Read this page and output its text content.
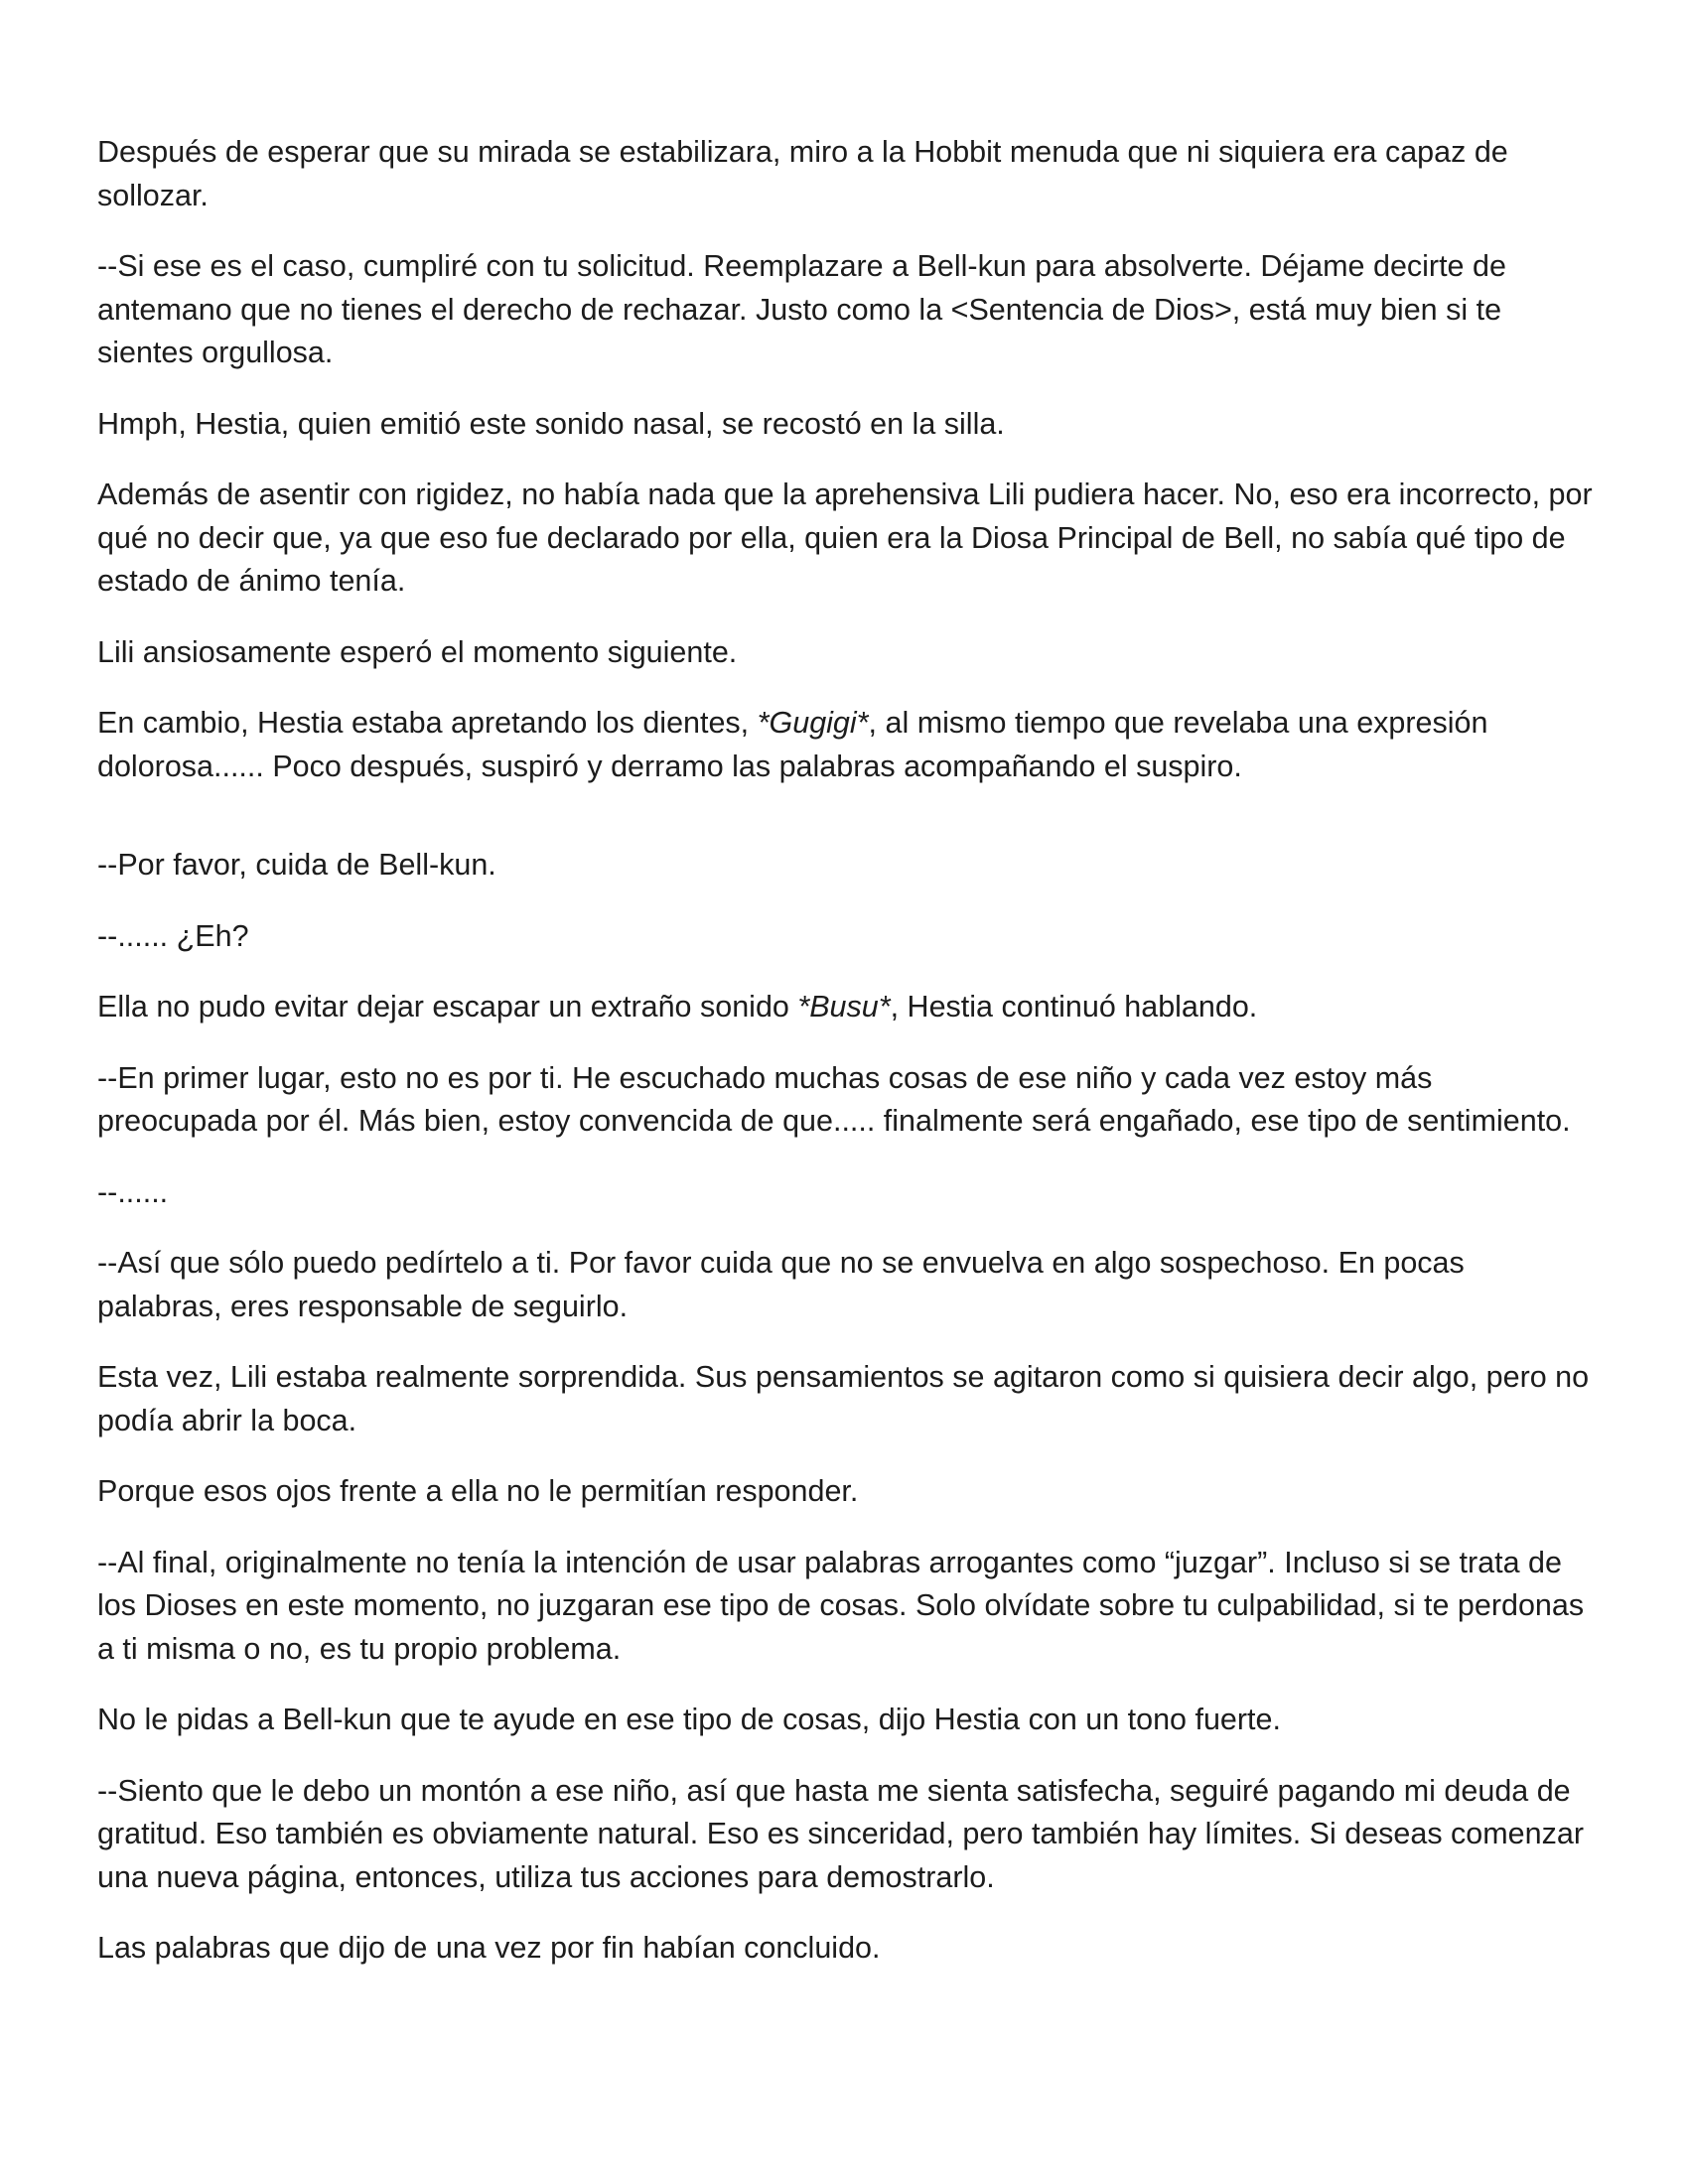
Después de esperar que su mirada se estabilizara, miro a la Hobbit menuda que ni siquiera era capaz de sollozar.

--Si ese es el caso, cumpliré con tu solicitud. Reemplazare a Bell-kun para absolverte. Déjame decirte de antemano que no tienes el derecho de rechazar. Justo como la <Sentencia de Dios>, está muy bien si te sientes orgullosa.

Hmph, Hestia, quien emitió este sonido nasal, se recostó en la silla.

Además de asentir con rigidez, no había nada que la aprehensiva Lili pudiera hacer. No, eso era incorrecto, por qué no decir que, ya que eso fue declarado por ella, quien era la Diosa Principal de Bell, no sabía qué tipo de estado de ánimo tenía.

Lili ansiosamente esperó el momento siguiente.

En cambio, Hestia estaba apretando los dientes, *Gugigi*, al mismo tiempo que revelaba una expresión dolorosa...... Poco después, suspiró y derramo las palabras acompañando el suspiro.

--Por favor, cuida de Bell-kun.

--...... ¿Eh?

Ella no pudo evitar dejar escapar un extraño sonido *Busu*, Hestia continuó hablando.

--En primer lugar, esto no es por ti. He escuchado muchas cosas de ese niño y cada vez estoy más preocupada por él. Más bien, estoy convencida de que..... finalmente será engañado, ese tipo de sentimiento.

--......

--Así que sólo puedo pedírtelo a ti. Por favor cuida que no se envuelva en algo sospechoso. En pocas palabras, eres responsable de seguirlo.

Esta vez, Lili estaba realmente sorprendida. Sus pensamientos se agitaron como si quisiera decir algo, pero no podía abrir la boca.

Porque esos ojos frente a ella no le permitían responder.

--Al final, originalmente no tenía la intención de usar palabras arrogantes como “juzgar”. Incluso si se trata de los Dioses en este momento, no juzgaran ese tipo de cosas. Solo olvídate sobre tu culpabilidad, si te perdonas a ti misma o no, es tu propio problema.

No le pidas a Bell-kun que te ayude en ese tipo de cosas, dijo Hestia con un tono fuerte.

--Siento que le debo un montón a ese niño, así que hasta me sienta satisfecha, seguiré pagando mi deuda de gratitud. Eso también es obviamente natural. Eso es sinceridad, pero también hay límites. Si deseas comenzar una nueva página, entonces, utiliza tus acciones para demostrarlo.

Las palabras que dijo de una vez por fin habían concluido.
